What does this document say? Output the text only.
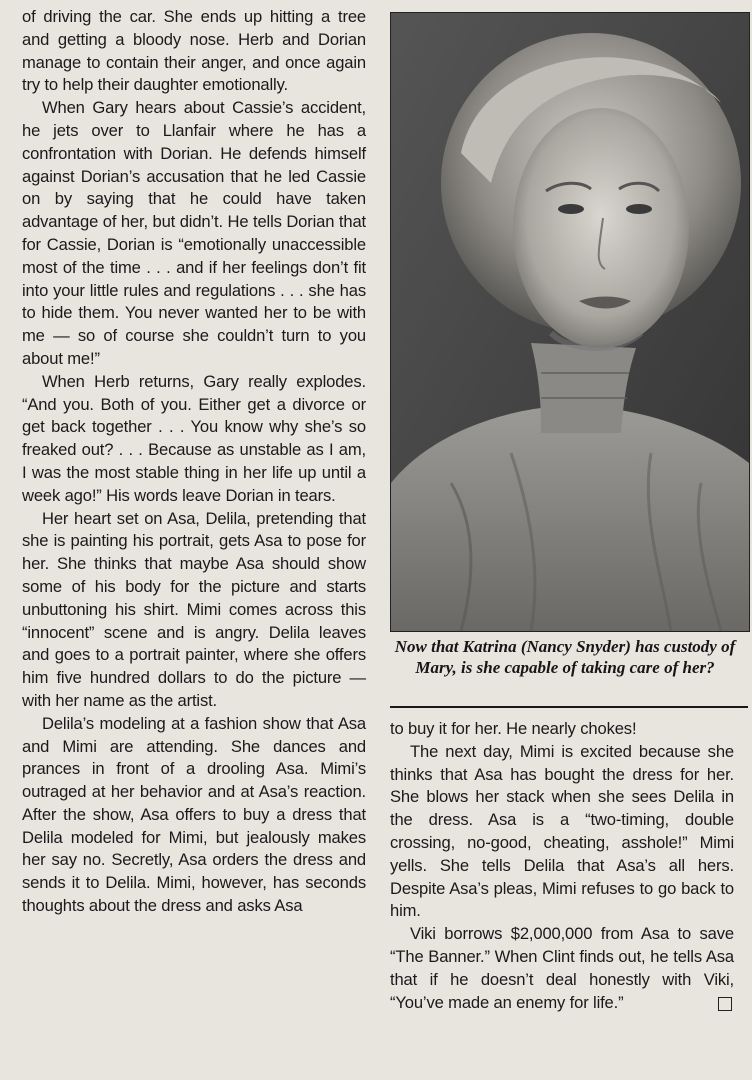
of driving the car. She ends up hitting a tree and getting a bloody nose. Herb and Dorian manage to contain their anger, and once again try to help their daughter emotionally.

When Gary hears about Cassie’s accident, he jets over to Llanfair where he has a confrontation with Dorian. He defends himself against Dorian’s accusation that he led Cassie on by saying that he could have taken advantage of her, but didn’t. He tells Dorian that for Cassie, Dorian is “emotionally unaccessible most of the time . . . and if her feelings don’t fit into your little rules and regulations . . . she has to hide them. You never wanted her to be with me — so of course she couldn’t turn to you about me!”

When Herb returns, Gary really explodes. “And you. Both of you. Either get a divorce or get back together . . . You know why she’s so freaked out? . . . Because as unstable as I am, I was the most stable thing in her life up until a week ago!” His words leave Dorian in tears.

Her heart set on Asa, Delila, pretending that she is painting his portrait, gets Asa to pose for her. She thinks that maybe Asa should show some of his body for the picture and starts unbuttoning his shirt. Mimi comes across this “innocent” scene and is angry. Delila leaves and goes to a portrait painter, where she offers him five hundred dollars to do the picture — with her name as the artist.

Delila’s modeling at a fashion show that Asa and Mimi are attending. She dances and prances in front of a drooling Asa. Mimi’s outraged at her behavior and at Asa’s reaction. After the show, Asa offers to buy a dress that Delila modeled for Mimi, but jealously makes her say no. Secretly, Asa orders the dress and sends it to Delila. Mimi, however, has seconds thoughts about the dress and asks Asa

Now that Katrina (Nancy Snyder) has custody of Mary, is she capable of taking care of her?

to buy it for her. He nearly chokes!

The next day, Mimi is excited because she thinks that Asa has bought the dress for her. She blows her stack when she sees Delila in the dress. Asa is a “two-timing, double crossing, no-good, cheating, asshole!” Mimi yells. She tells Delila that Asa’s all hers. Despite Asa’s pleas, Mimi refuses to go back to him.

Viki borrows $2,000,000 from Asa to save “The Banner.” When Clint finds out, he tells Asa that if he doesn’t deal honestly with Viki, “You’ve made an enemy for life.”
